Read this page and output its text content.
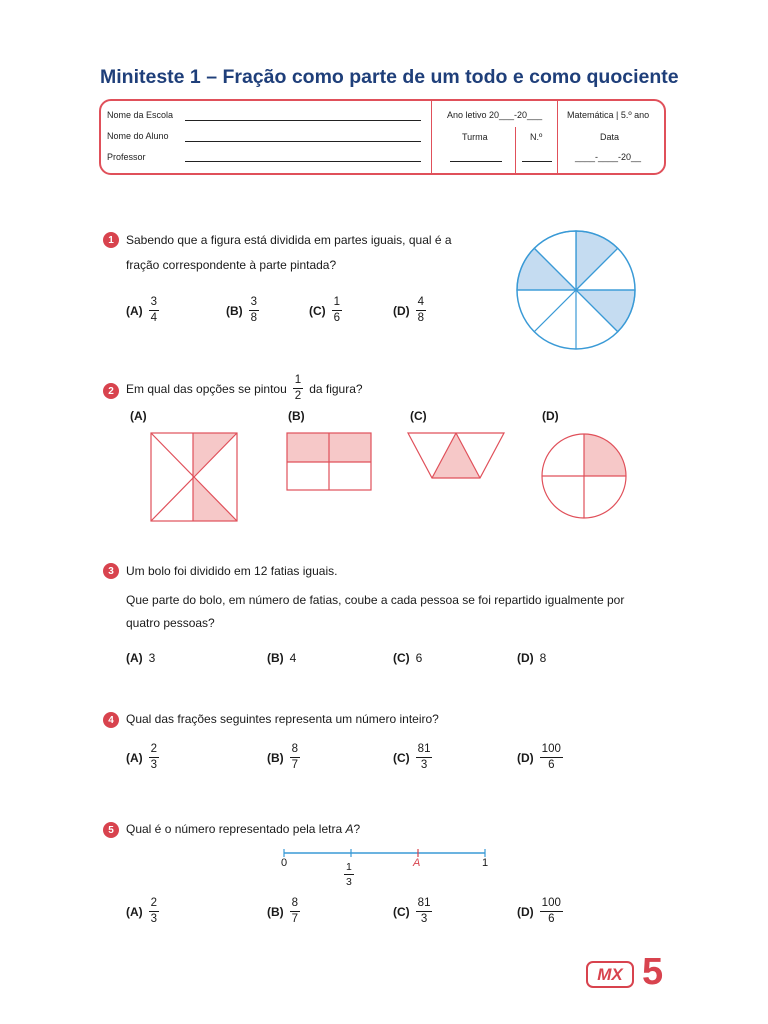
Miniteste 1 – Fração como parte de um todo e como quociente
Nome da Escola
Nome do Aluno
Professor
Ano letivo 20___-20___	Matemática | 5.º ano
Turma	N.º	Data
____-____-20__
1	Sabendo que a figura está dividida em partes iguais, qual é a
fração correspondente à parte pintada?
$(A) \frac{3}{4}$	$(B) \frac{3}{8}$	$(C) \frac{1}{6}$	$(D) \frac{4}{8}$
2	Em qual das opções se pintou $\frac{1}{2}$ da figura?
(A)	(B)	(C)	(D)
3	Um bolo foi dividido em 12 fatias iguais.
Que parte do bolo, em número de fatias, coube a cada pessoa se foi repartido igualmente por
quatro pessoas?
(A) 3	(B) 4	(C) 6	(D) 8
4	Qual das frações seguintes representa um número inteiro?
$(A) \frac{2}{3}$	$(B) \frac{8}{7}$	$(C) \frac{81}{3}$	$(D) \frac{100}{6}$
5	Qual é o número representado pela letra A?
0	$\frac{1}{3}$	A	1
$(A) \frac{2}{3}$	$(B) \frac{8}{7}$	$(C) \frac{81}{3}$	$(D) \frac{100}{6}$
MX 5
